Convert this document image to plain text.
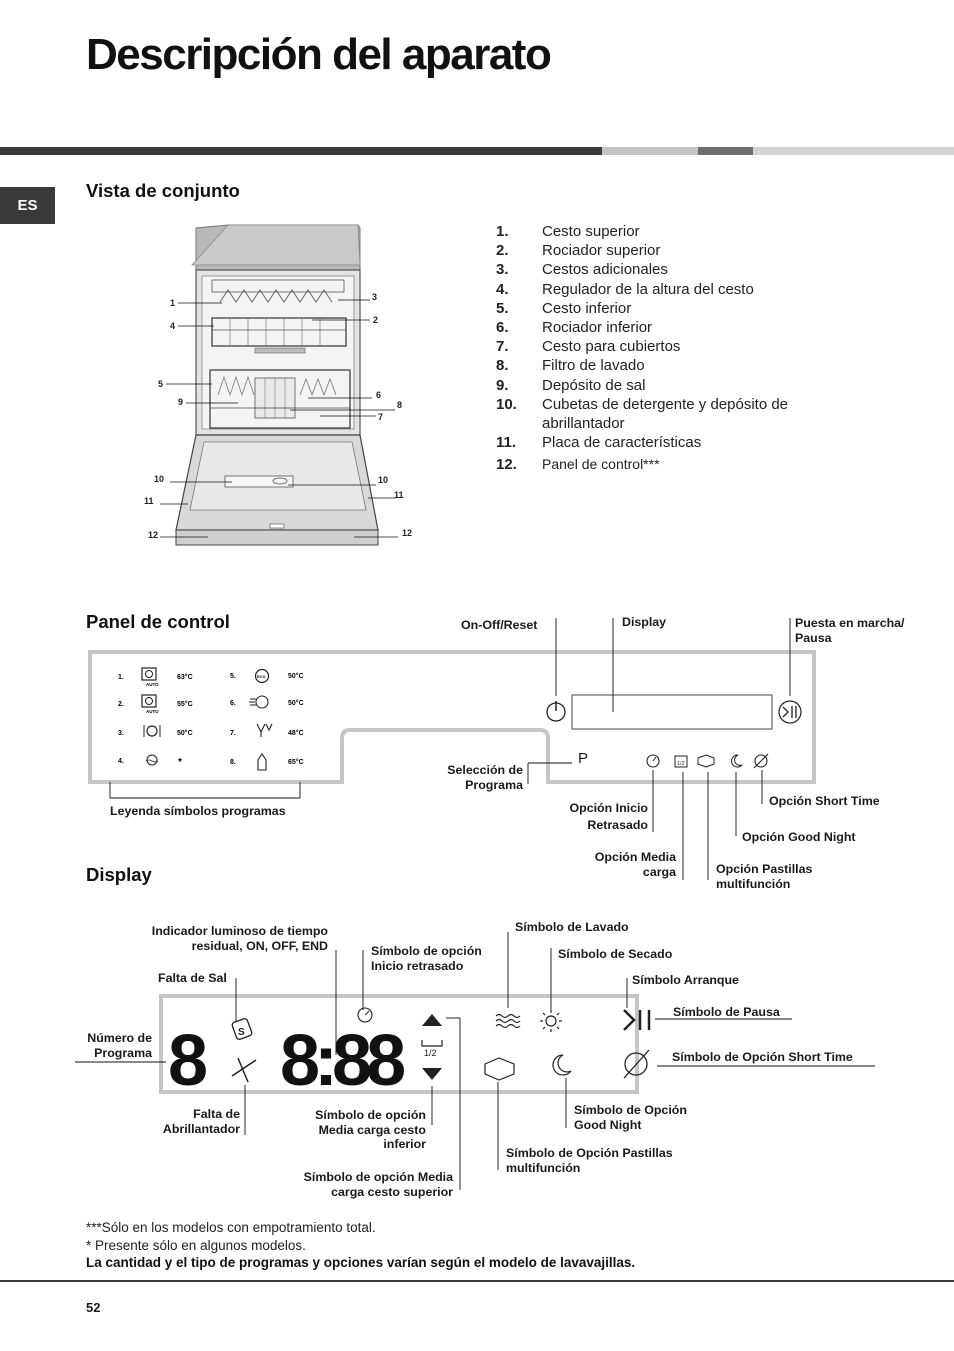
Descripción del aparato
ES
Vista de conjunto
1
2
3
4
5
6
7
8
9
10	10
11
11
12	12
1.	Cesto superior
2.	Rociador superior
3.	Cestos adicionales
4.	Regulador de la altura del cesto
5.	Cesto inferior
6.	Rociador inferior
7.	Cesto para cubiertos
8.	Filtro de lavado
9.	Depósito de sal
10.	Cubetas de detergente y depósito de abrillantador
11.	Placa de características
12.	Panel de control***
Panel de control
1/2
1.
AUTO
63°C
2.
AUTO
55°C
3.	50°C
4.	*
5.	ECO	50°C
6.	50°C
7.	48°C
8.	65°C
On-Off/Reset	Display	Puesta en marcha/ Pausa
P
Selección de Programa
Leyenda símbolos programas	Opción Inicio Retrasado
Opción Media carga	Opción Pastillas multifunción
Opción Good Night
Opción Short Time
Display
8 8:88
S
1/2
Indicador luminoso de tiempo residual, ON, OFF, END
Falta de Sal
Número de Programa
Falta de Abrillantador
Símbolo de opción Inicio retrasado
Símbolo de opción Media carga cesto inferior
Símbolo de opción Media carga cesto superior
Símbolo de Lavado
Símbolo de Secado
Símbolo Arranque
Símbolo de Pausa
Símbolo de Opción Short Time
Símbolo de Opción Good Night
Símbolo de Opción Pastillas multifunción
***Sólo en los modelos con empotramiento total.
* Presente sólo en algunos modelos.
La cantidad y el tipo de programas y opciones varían según el modelo de lavavajillas.
52
